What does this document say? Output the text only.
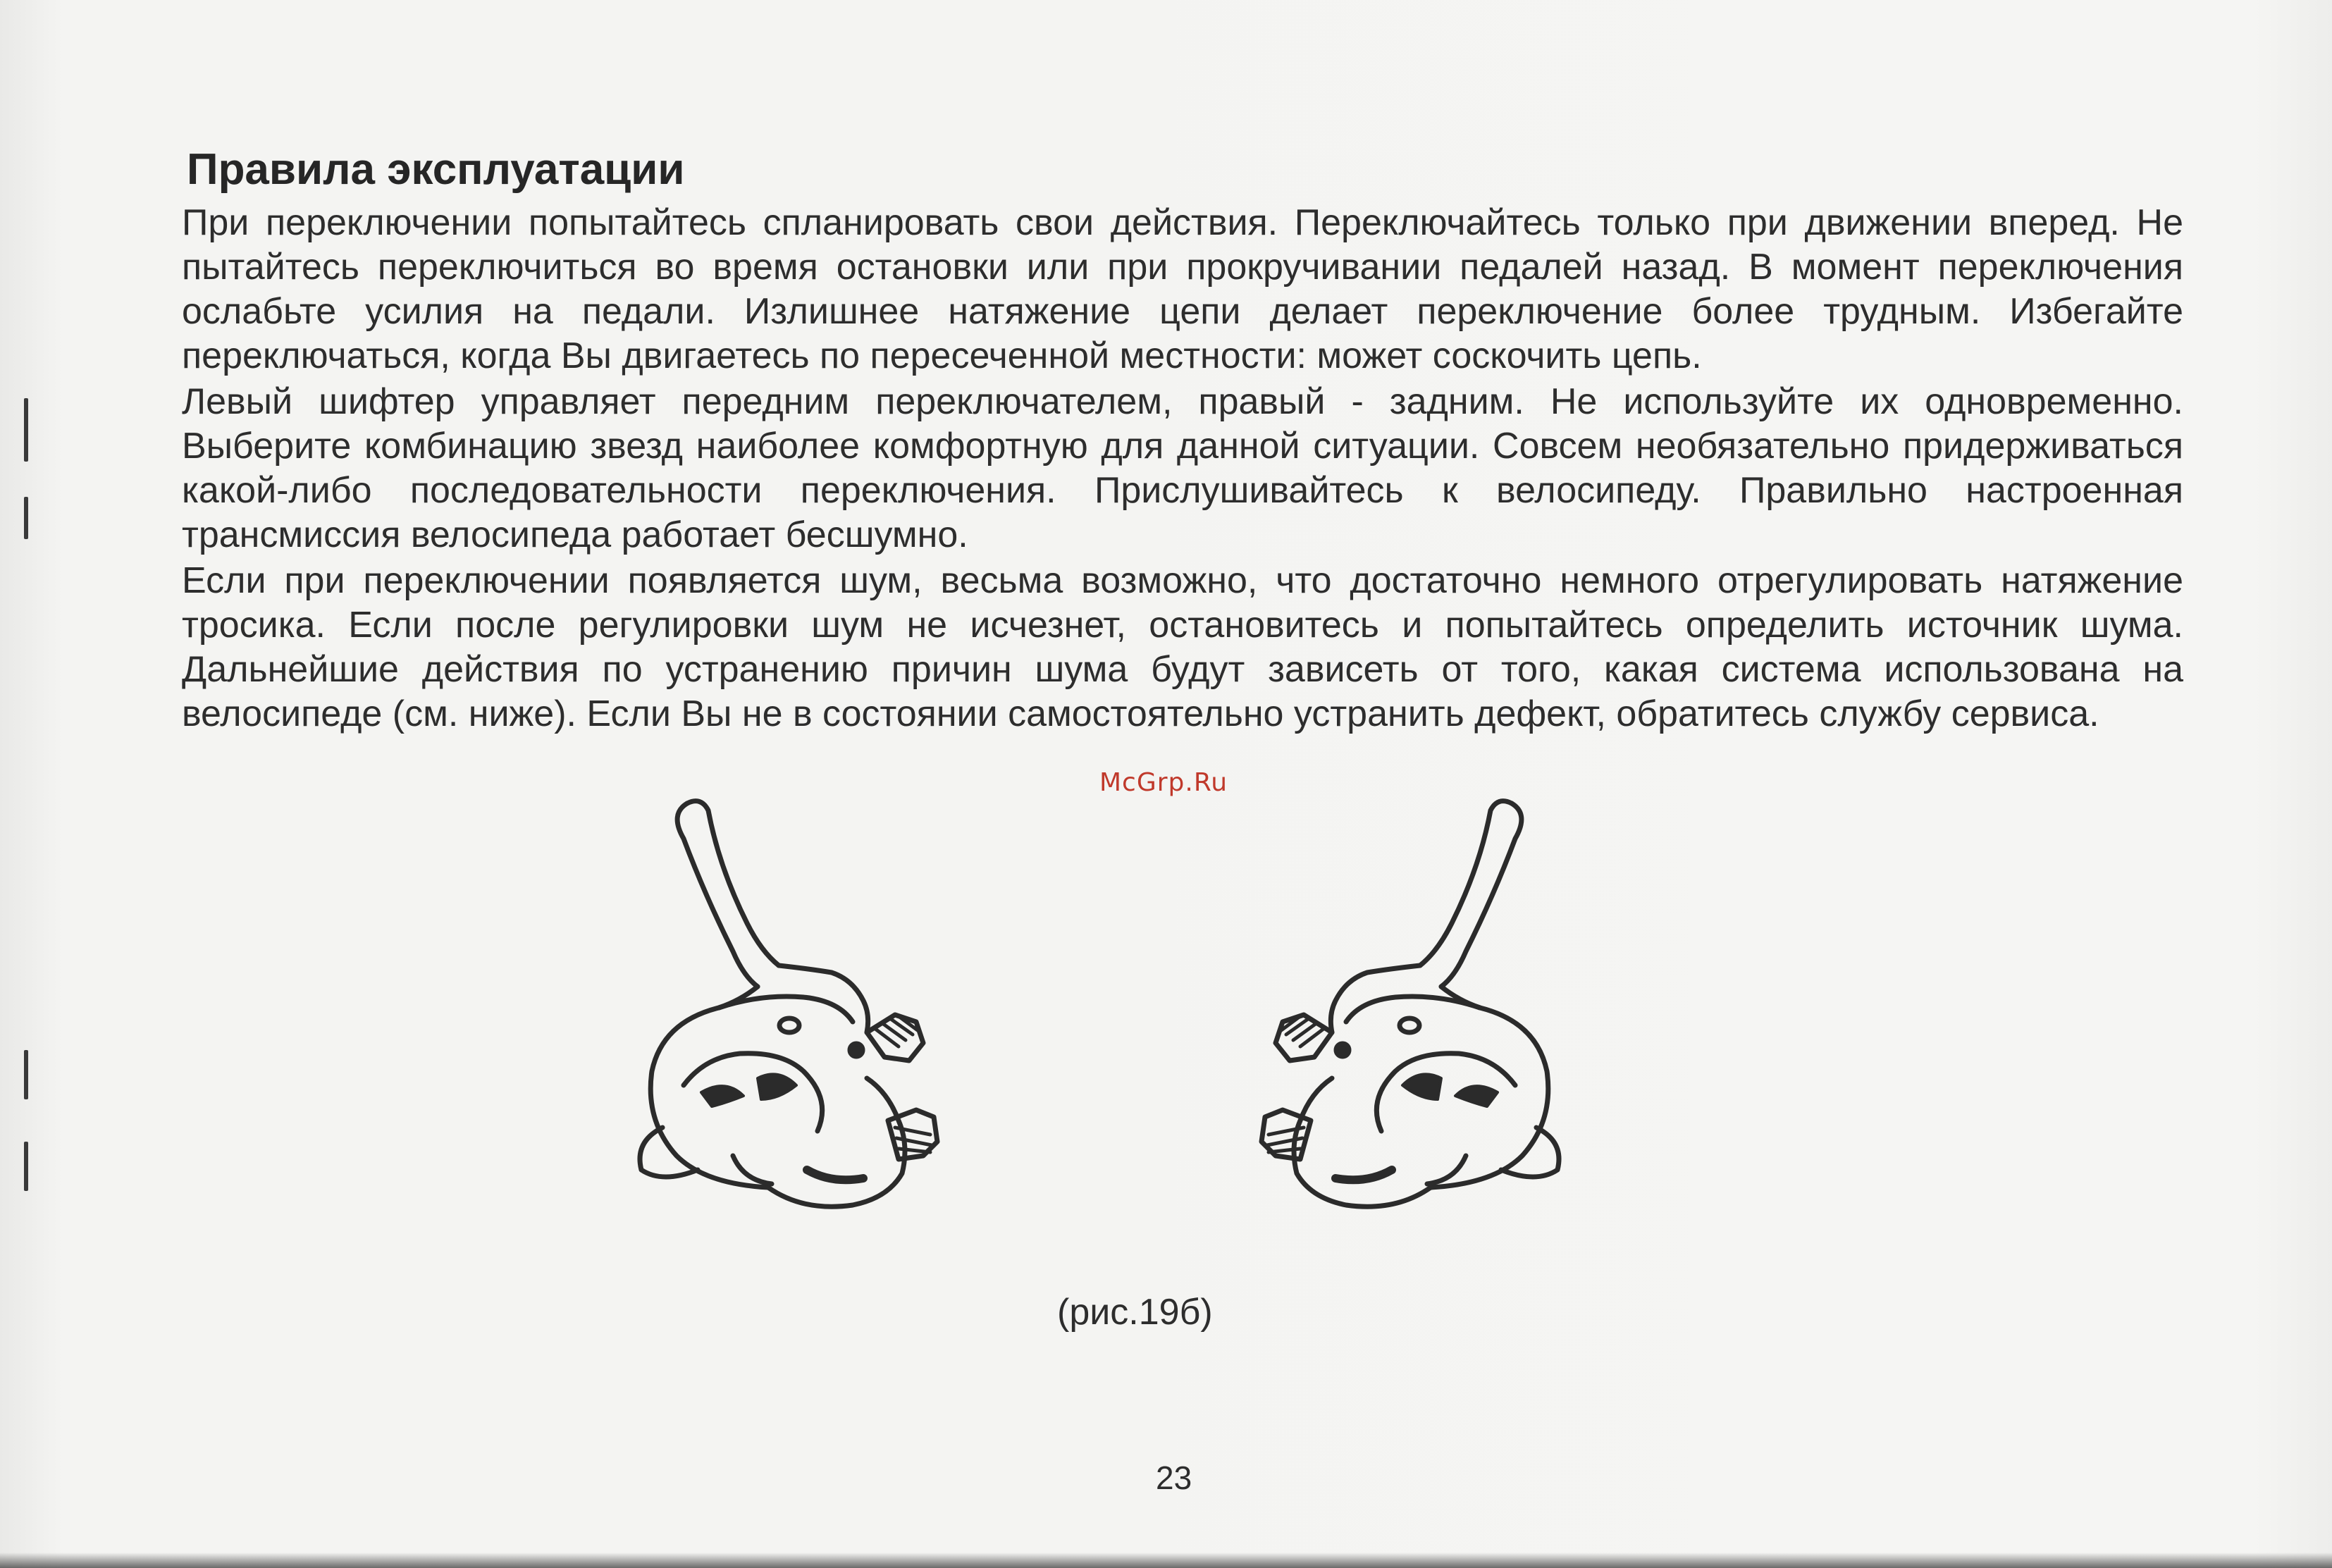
Правила эксплуатации

При переключении попытайтесь спланировать свои действия. Переключайтесь только при движении вперед. Не пытайтесь переключиться во время остановки или при прокручивании педалей назад. В момент переключения ослабьте усилия на педали. Излишнее натяжение цепи делает переключение более трудным. Избегайте переключаться, когда Вы двигаетесь по пересеченной местности: может соскочить цепь.

Левый шифтер управляет передним переключателем, правый - задним. Не используйте их одновременно. Выберите комбинацию звезд наиболее комфортную для данной ситуации. Совсем необязательно придерживаться какой-либо последовательности переключения. Прислушивайтесь к велосипеду. Правильно настроенная трансмиссия велосипеда работает бесшумно.

Если при переключении появляется шум, весьма возможно, что достаточно немного отрегулировать натяжение тросика. Если после регулировки шум не исчезнет, остановитесь и попытайтесь определить источник шума. Дальнейшие действия по устранению причин шума будут зависеть от того, какая система использована на велосипеде (см. ниже). Если Вы не в состоянии самостоятельно устранить дефект, обратитесь службу сервиса.

McGrp.Ru
(рис.19б)
23
